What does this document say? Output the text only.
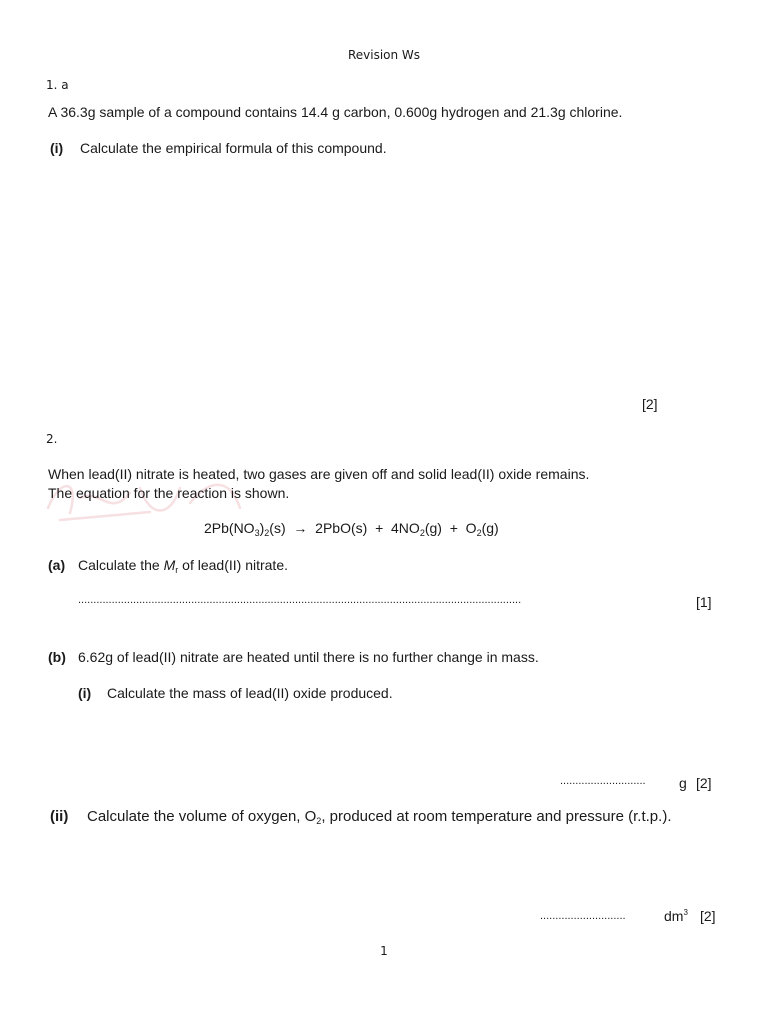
Revision Ws
1. a
A 36.3g sample of a compound contains 14.4 g carbon, 0.600g hydrogen and 21.3g chlorine.
(i) Calculate the empirical formula of this compound.
[2]
2.
When lead(II) nitrate is heated, two gases are given off and solid lead(II) oxide remains.
The equation for the reaction is shown.
$2Pb(NO_3)_2(s) \to 2PbO(s) + 4NO_2(g) + O_2(g)$
(a) Calculate the $M_r$ of lead(II) nitrate.
.................................................................................................................................................	[1]
(b) 6.62g of lead(II) nitrate are heated until there is no further change in mass.
(i) Calculate the mass of lead(II) oxide produced.
............................ g [2]
(ii) Calculate the volume of oxygen, $O_2$, produced at room temperature and pressure (r.t.p.).
............................	$dm^3$ [2]
1
